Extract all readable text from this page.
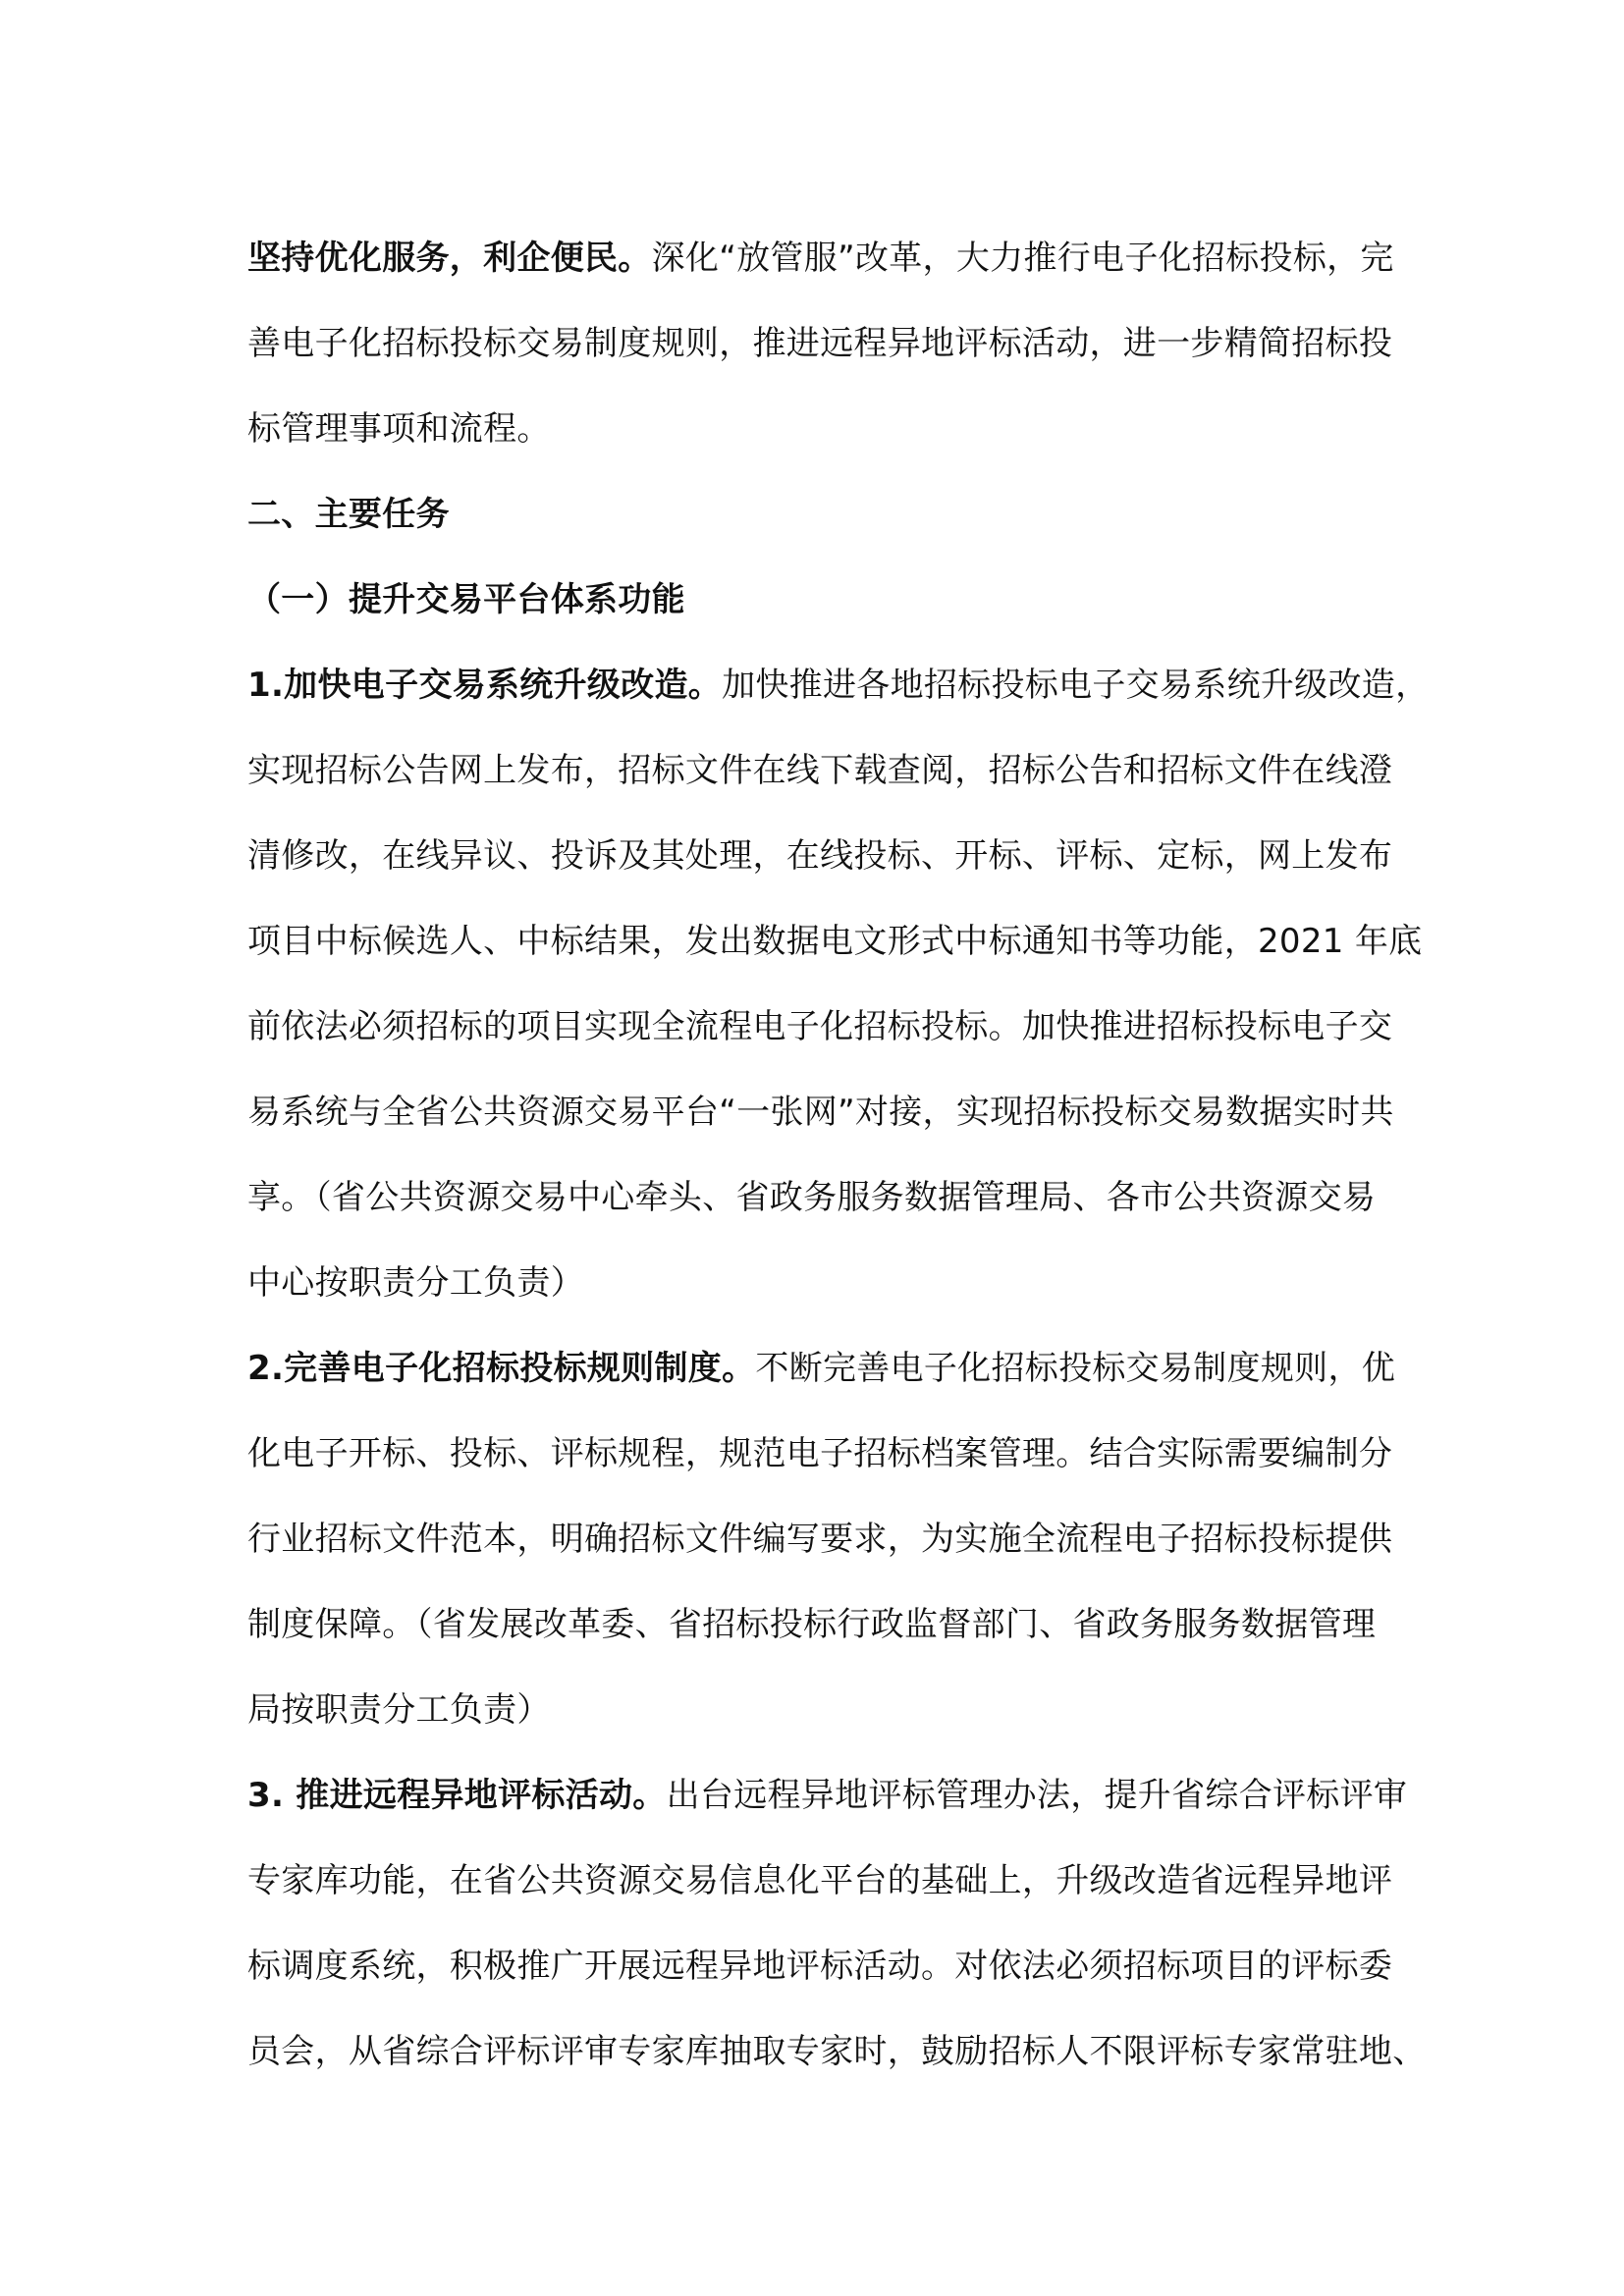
坚持优化服务，利企便民。深化“放管服”改革，大力推行电子化招标投标，完
善电子化招标投标交易制度规则，推进远程异地评标活动，进一步精简招标投
标管理事项和流程。
二、主要任务
（一）提升交易平台体系功能
1.加快电子交易系统升级改造。加快推进各地招标投标电子交易系统升级改造，
实现招标公告网上发布，招标文件在线下载查阅，招标公告和招标文件在线澄
清修改，在线异议、投诉及其处理，在线投标、开标、评标、定标，网上发布
项目中标候选人、中标结果，发出数据电文形式中标通知书等功能，2021 年底
前依法必须招标的项目实现全流程电子化招标投标。加快推进招标投标电子交
易系统与全省公共资源交易平台“一张网”对接，实现招标投标交易数据实时共
享。（省公共资源交易中心牵头、省政务服务数据管理局、各市公共资源交易
中心按职责分工负责）
2.完善电子化招标投标规则制度。不断完善电子化招标投标交易制度规则，优
化电子开标、投标、评标规程，规范电子招标档案管理。结合实际需要编制分
行业招标文件范本，明确招标文件编写要求，为实施全流程电子招标投标提供
制度保障。（省发展改革委、省招标投标行政监督部门、省政务服务数据管理
局按职责分工负责）
3. 推进远程异地评标活动。出台远程异地评标管理办法，提升省综合评标评审
专家库功能，在省公共资源交易信息化平台的基础上，升级改造省远程异地评
标调度系统，积极推广开展远程异地评标活动。对依法必须招标项目的评标委
员会，从省综合评标评审专家库抽取专家时，鼓励招标人不限评标专家常驻地、
